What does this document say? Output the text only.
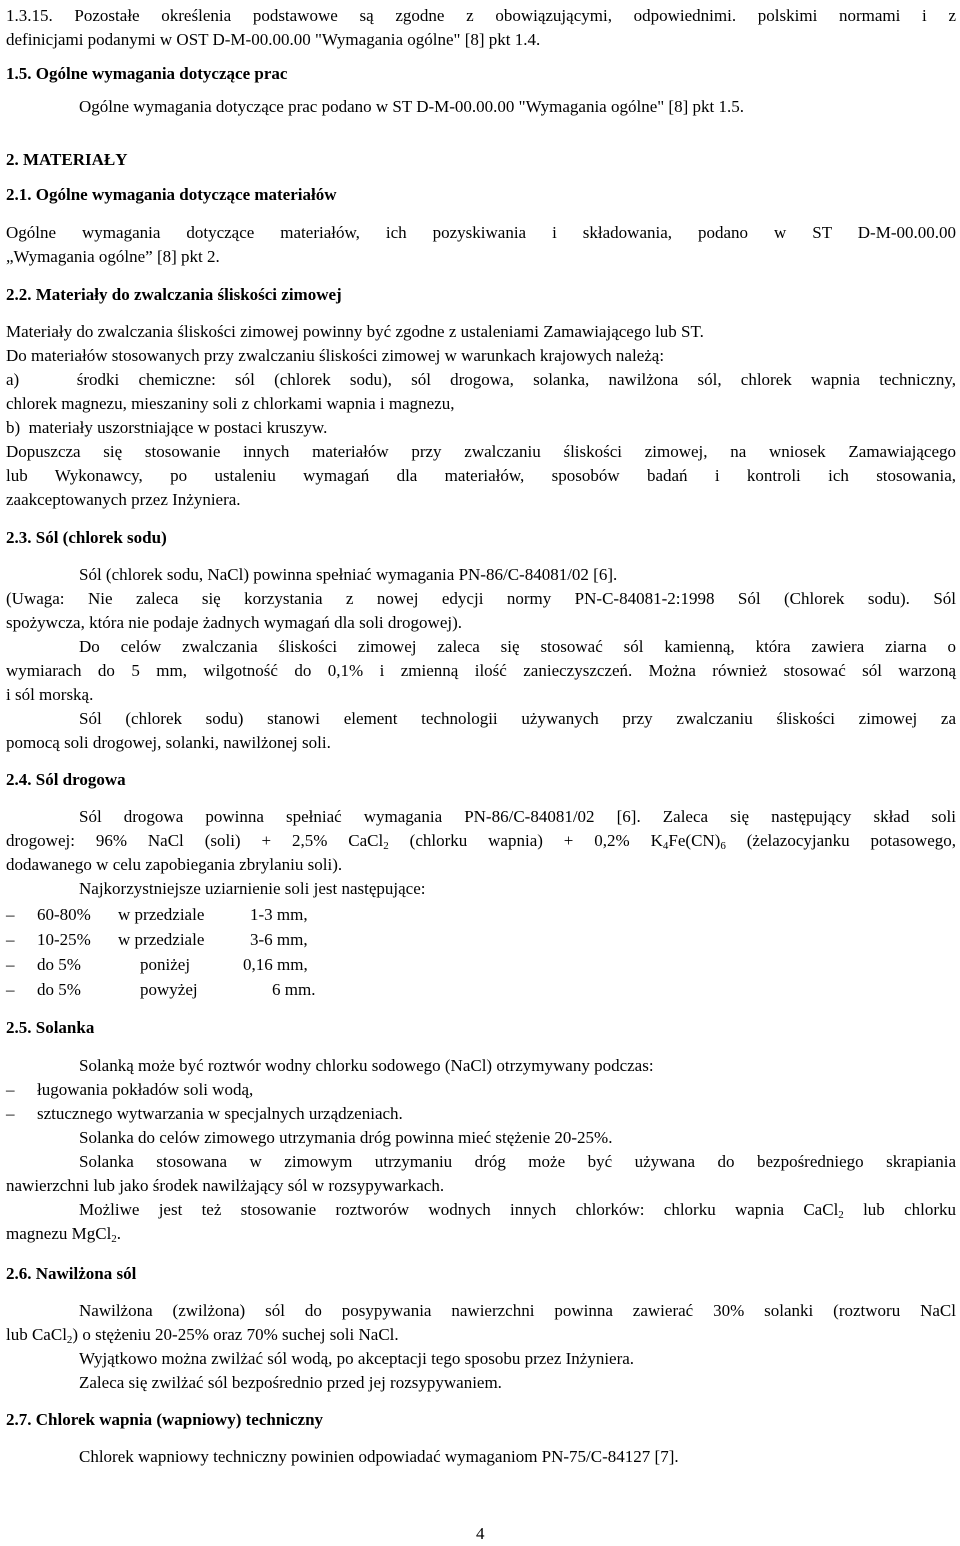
1.3.15. Pozostałe określenia podstawowe są zgodne z obowiązującymi, odpowiednimi. polskimi normami i z
definicjami podanymi w OST D-M-00.00.00 "Wymagania ogólne" [8] pkt 1.4.
1.5. Ogólne wymagania dotyczące prac
Ogólne wymagania dotyczące prac podano w ST D-M-00.00.00 "Wymagania ogólne" [8] pkt 1.5.
2. MATERIAŁY
2.1. Ogólne wymagania dotyczące materiałów
Ogólne wymagania dotyczące materiałów, ich pozyskiwania i składowania, podano w ST D-M-00.00.00
„Wymagania ogólne” [8] pkt 2.
2.2. Materiały do zwalczania śliskości zimowej
Materiały do zwalczania śliskości zimowej powinny być zgodne z ustaleniami Zamawiającego lub ST.
Do materiałów stosowanych przy zwalczaniu śliskości zimowej w warunkach krajowych należą:
a)   środki chemiczne: sól (chlorek sodu), sól drogowa, solanka, nawilżona sól, chlorek wapnia techniczny,
chlorek magnezu, mieszaniny soli z chlorkami wapnia i magnezu,
b)  materiały uszorstniające w postaci kruszyw.
Dopuszcza się stosowanie innych materiałów przy zwalczaniu śliskości zimowej, na wniosek Zamawiającego
lub Wykonawcy, po ustaleniu wymagań dla materiałów, sposobów badań i kontroli ich stosowania,
zaakceptowanych przez Inżyniera.
2.3. Sól (chlorek sodu)
Sól (chlorek sodu, NaCl) powinna spełniać wymagania PN-86/C-84081/02 [6].
(Uwaga: Nie zaleca się korzystania z nowej edycji normy PN-C-84081-2:1998 Sól (Chlorek sodu). Sól
spożywcza, która nie podaje żadnych wymagań dla soli drogowej).
Do celów zwalczania śliskości zimowej zaleca się stosować sól kamienną, która zawiera ziarna o
wymiarach do 5 mm, wilgotność do 0,1% i zmienną ilość zanieczyszczeń. Można również stosować sól warzoną
i sól morską.
Sól (chlorek sodu) stanowi element technologii używanych przy zwalczaniu śliskości zimowej za
pomocą soli drogowej, solanki, nawilżonej soli.
2.4. Sól drogowa
Sól drogowa powinna spełniać wymagania PN-86/C-84081/02 [6]. Zaleca się następujący skład soli
drogowej: 96% NaCl (soli) + 2,5% CaCl$_2$ (chlorku wapnia) + 0,2% $K_4Fe(CN)_6$ (żelazocyjanku potasowego,
dodawanego w celu zapobiegania zbrylaniu soli).
Najkorzystniejsze uziarnienie soli jest następujące:
– 60-80% w przedziale	1-3 mm,
– 10-25% w przedziale	3-6 mm,
– do 5%	poniżej	0,16 mm,
– do 5%	powyżej	6 mm.
2.5. Solanka
Solanką może być roztwór wodny chlorku sodowego (NaCl) otrzymywany podczas:
– ługowania pokładów soli wodą,
– sztucznego wytwarzania w specjalnych urządzeniach.
Solanka do celów zimowego utrzymania dróg powinna mieć stężenie 20-25%.
Solanka stosowana w zimowym utrzymaniu dróg może być używana do bezpośredniego skrapiania
nawierzchni lub jako środek nawilżający sól w rozsypywarkach.
Możliwe jest też stosowanie roztworów wodnych innych chlorków: chlorku wapnia CaCl$_2$ lub chlorku
magnezu MgCl$_2$.
2.6. Nawilżona sól
Nawilżona (zwilżona) sól do posypywania nawierzchni powinna zawierać 30% solanki (roztworu NaCl
lub CaCl$_2$) o stężeniu 20-25% oraz 70% suchej soli NaCl.
Wyjątkowo można zwilżać sól wodą, po akceptacji tego sposobu przez Inżyniera.
Zaleca się zwilżać sól bezpośrednio przed jej rozsypywaniem.
2.7. Chlorek wapnia (wapniowy) techniczny
Chlorek wapniowy techniczny powinien odpowiadać wymaganiom PN-75/C-84127 [7].
4
